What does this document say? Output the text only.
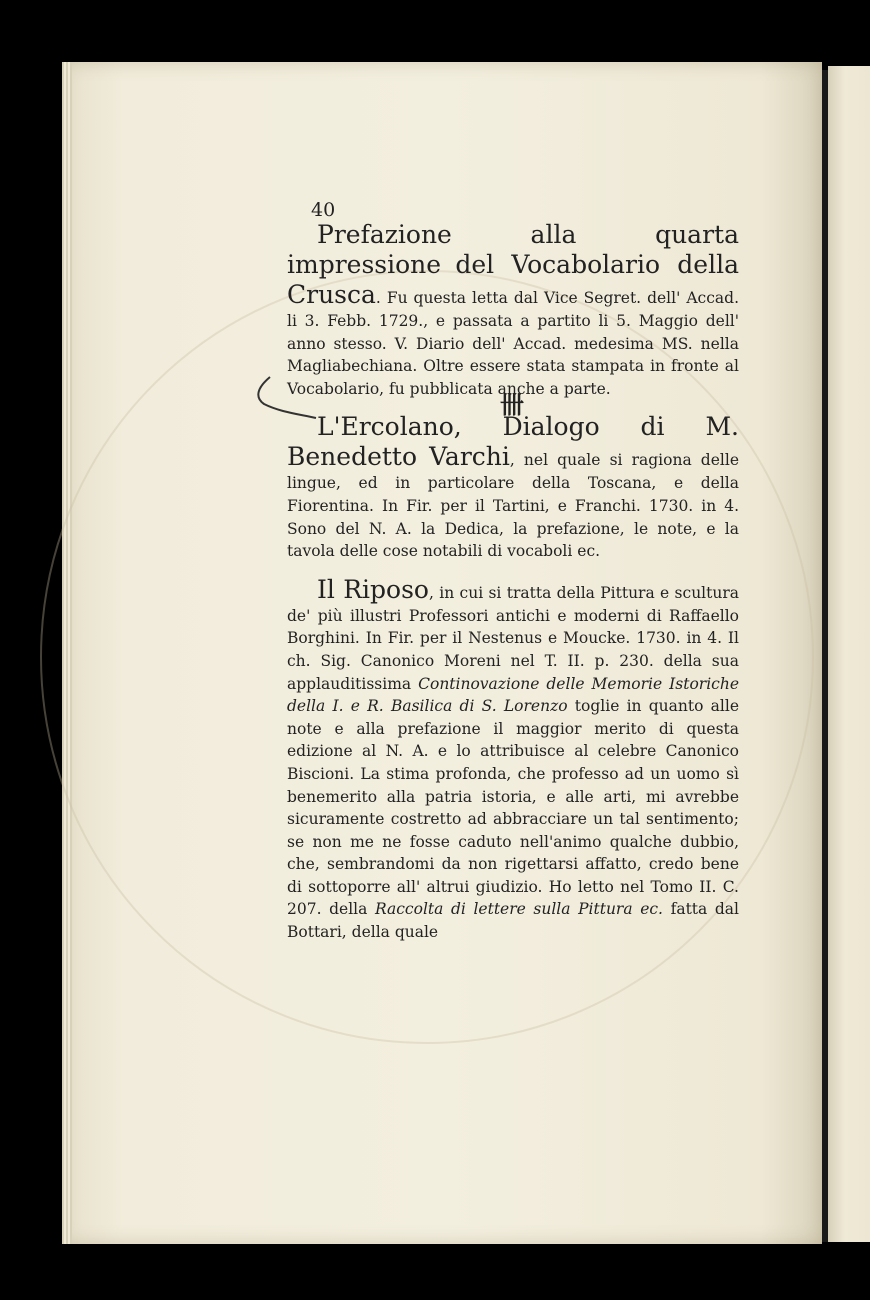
40
Prefazione alla quarta impressione del Vocabolario della Crusca. Fu questa letta dal Vice Segret. dell' Accad. li 3. Febb. 1729., e passata a partito li 5. Maggio dell' anno stesso. V. Diario dell' Accad. medesima MS. nella Magliabechiana. Oltre essere stata stampata in fronte al Vocabolario, fu pubblicata anche a parte.
L'Ercolano, Dialogo di M. Benedetto Varchi, nel quale si ragiona delle lingue, ed in particolare della Toscana, e della Fiorentina. In Fir. per il Tartini, e Franchi. 1730. in 4. Sono del N. A. la Dedica, la prefazione, le note, e la tavola delle cose notabili di vocaboli ec.
Il Riposo, in cui si tratta della Pittura e scultura de' più illustri Professori antichi e moderni di Raffaello Borghini. In Fir. per il Nestenus e Moucke. 1730. in 4. Il ch. Sig. Canonico Moreni nel T. II. p. 230. della sua applauditissima Continovazione delle Memorie Istoriche della I. e R. Basilica di S. Lorenzo toglie in quanto alle note e alla prefazione il maggior merito di questa edizione al N. A. e lo attribuisce al celebre Canonico Biscioni. La stima profonda, che professo ad un uomo sì benemerito alla patria istoria, e alle arti, mi avrebbe sicuramente costretto ad abbracciare un tal sentimento; se non me ne fosse caduto nell'animo qualche dubbio, che, sembrandomi da non rigettarsi affatto, credo bene di sottoporre all' altrui giudizio. Ho letto nel Tomo II. C. 207. della Raccolta di lettere sulla Pittura ec. fatta dal Bottari, della quale
卌
